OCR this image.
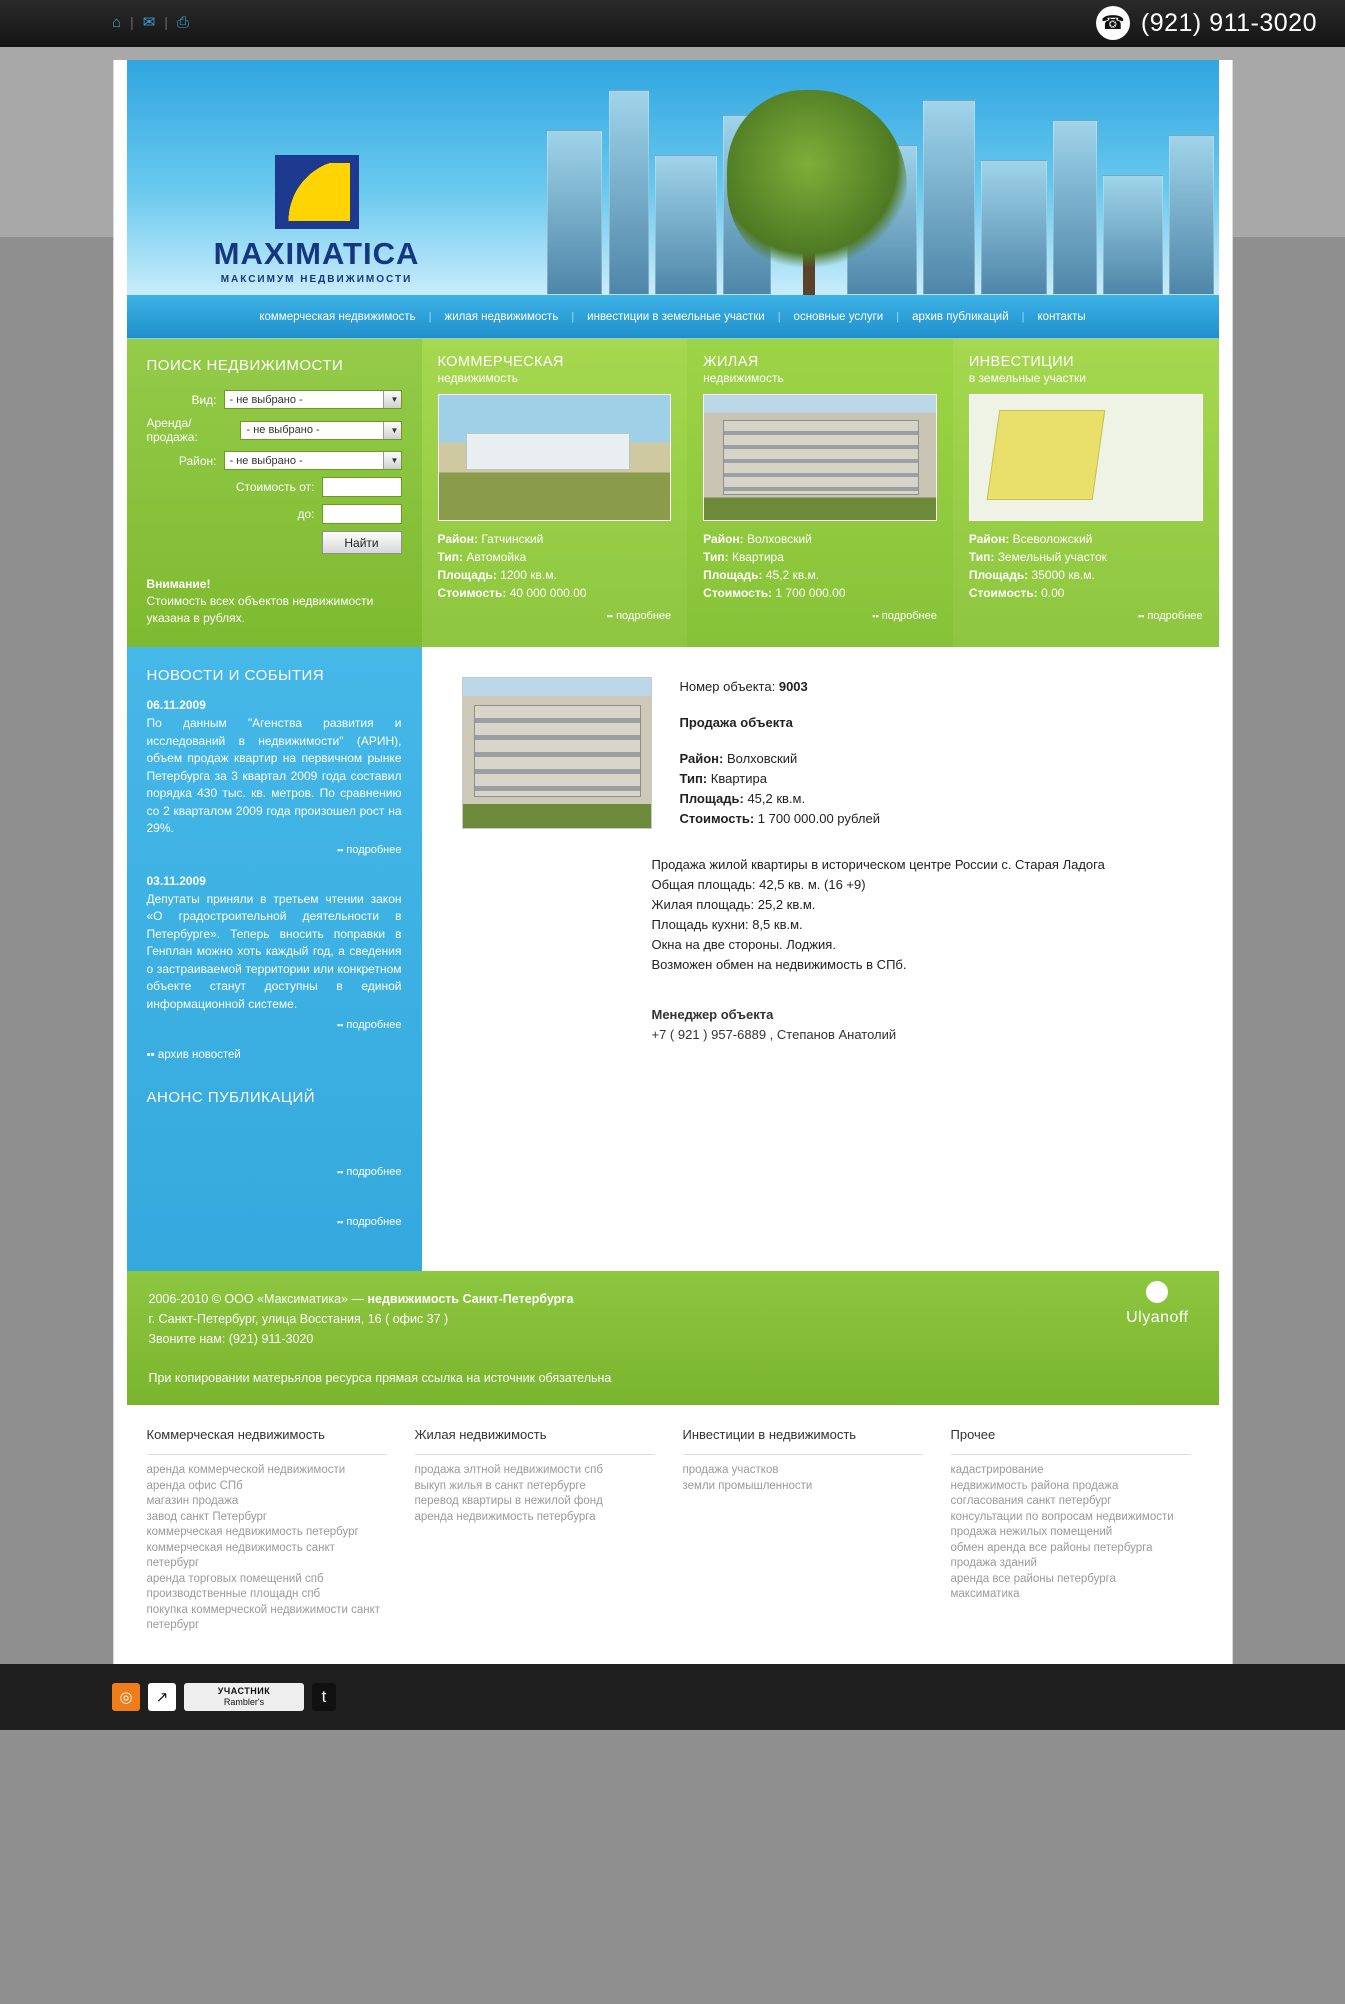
⌂ | ✉ | ⎙	☎ (921) 911-3020
MAXIMATICA
МАКСИМУМ НЕДВИЖИМОСТИ
коммерческая недвижимость	|	жилая недвижимость	|	инвестиции в земельные участки	|	основные услуги	|	архив публикаций	|	контакты
ПОИСК НЕДВИЖИМОСТИ
Вид:	- не выбрано -	▼
Аренда/продажа:	- не выбрано -	▼
Район:	- не выбрано -	▼
Стоимость от:
до:
Найти
Внимание!
Стоимость всех объектов недвижимости указана в рублях.
КОММЕРЧЕСКАЯ
недвижимость
Район: Гатчинский
Тип: Автомойка
Площадь: 1200 кв.м.
Стоимость: 40 000 000.00
▪▪ подробнее
ЖИЛАЯ
недвижимость
Район: Волховский
Тип: Квартира
Площадь: 45,2 кв.м.
Стоимость: 1 700 000.00
▪▪ подробнее
ИНВЕСТИЦИИ
в земельные участки
Район: Всеволожский
Тип: Земельный участок
Площадь: 35000 кв.м.
Стоимость: 0.00
▪▪ подробнее
НОВОСТИ И СОБЫТИЯ
06.11.2009

По данным "Агенства развития и исследований в недвижимости" (АРИН), объем продаж квартир на первичном рынке Петербурга за 3 квартал 2009 года составил порядка 430 тыс. кв. метров. По сравнению со 2 кварталом 2009 года произошел рост на 29%.

▪▪ подробнее
03.11.2009

Депутаты приняли в третьем чтении закон «О градостроительной деятельности в Петербурге». Теперь вносить поправки в Генплан можно хоть каждый год, а сведения о застраиваемой территории или конкретном объекте станут доступны в единой информационной системе.

▪▪ подробнее
▪▪ архив новостей
АНОНС ПУБЛИКАЦИЙ
▪▪ подробнее
▪▪ подробнее
Номер объекта: 9003
Продажа объекта
Район: Волховский
Тип: Квартира
Площадь: 45,2 кв.м.
Стоимость: 1 700 000.00 рублей
Продажа жилой квартиры в историческом центре России с. Старая Ладога
Общая площадь: 42,5 кв. м. (16 +9)
Жилая площадь: 25,2 кв.м.
Площадь кухни: 8,5 кв.м.
Окна на две стороны. Лоджия.
Возможен обмен на недвижимость в СПб.
Менеджер объекта
+7 ( 921 ) 957-6889 , Степанов Анатолий
2006-2010 © ООО «Максиматика» — недвижимость Санкт-Петербурга
г. Санкт-Петербург, улица Восстания, 16 ( офис 37 )
Звоните нам: (921) 911-3020
При копировании матерьялов ресурса прямая ссылка на источник обязательна
Ulyanoff
Коммерческая недвижимость
аренда коммерческой недвижимости
аренда офис СПб
магазин продажа
завод санкт Петербург
коммерческая недвижимость петербург
коммерческая недвижимость санкт петербург
аренда торговых помещений спб
производственные площадн спб
покупка коммерческой недвижимости санкт петербург
Жилая недвижимость
продажа элтной недвижимости спб
выкуп жилья в санкт петербурге
перевод квартиры в нежилой фонд
аренда недвижимость петербурга
Инвестиции в недвижимость
продажа участков
земли промышленности
Прочее
кадастрирование
недвижимость района продажа
согласования санкт петербург
консультации по вопросам недвижимости
продажа нежилых помещений
обмен аренда все районы петербурга
продажа зданий
аренда все районы петербурга
максиматика
◎	↗	УЧАСТНИК
Rambler's	t
